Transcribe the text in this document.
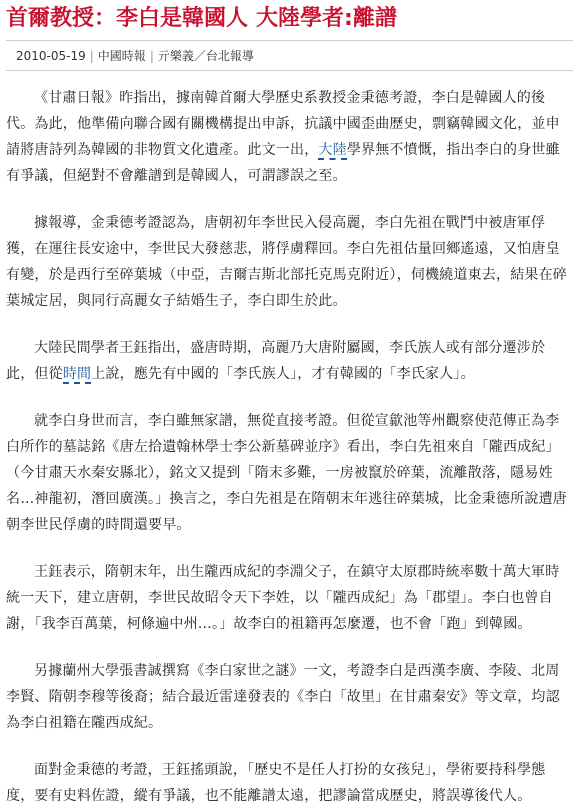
首爾教授：李白是韓國人 大陸學者:離譜
2010-05-19 | 中國時報 | 亓樂義／台北報導

《甘肅日報》昨指出，據南韓首爾大學歷史系教授金秉德考證，李白是韓國人的後代。為此，他準備向聯合國有關機構提出申訴，抗議中國歪曲歷史，剽竊韓國文化，並申請將唐詩列為韓國的非物質文化遺產。此文一出，大陸學界無不憤慨，指出李白的身世雖有爭議，但絕對不會離譜到是韓國人，可謂謬誤之至。

據報導，金秉德考證認為，唐朝初年李世民入侵高麗，李白先祖在戰鬥中被唐軍俘獲，在運往長安途中，李世民大發慈悲，將俘虜釋回。李白先祖估量回鄉遙遠，又怕唐皇有變，於是西行至碎葉城（中亞，吉爾吉斯北部托克馬克附近），伺機繞道東去，結果在碎葉城定居，與同行高麗女子結婚生子，李白即生於此。

大陸民間學者王鈺指出，盛唐時期，高麗乃大唐附屬國，李氏族人或有部分遷涉於此，但從時間上說，應先有中國的「李氏族人」，才有韓國的「李氏家人」。

就李白身世而言，李白雖無家譜，無從直接考證。但從宣歙池等州觀察使范傳正為李白所作的墓誌銘《唐左拾遺翰林學士李公新墓碑並序》看出，李白先祖來自「隴西成紀」（今甘肅天水秦安縣北），銘文又提到「隋末多難，一房被竄於碎葉，流離散落，隱易姓名…神龍初，潛回廣漢。」換言之，李白先祖是在隋朝末年逃往碎葉城，比金秉德所說遭唐朝李世民俘虜的時間還要早。

王鈺表示，隋朝末年，出生隴西成紀的李淵父子，在鎮守太原郡時統率數十萬大軍時統一天下，建立唐朝，李世民故昭令天下李姓，以「隴西成紀」為「郡望」。李白也曾自謝，「我李百萬葉，柯條遍中州…。」故李白的祖籍再怎麼遷，也不會「跑」到韓國。

另據蘭州大學張書誠撰寫《李白家世之謎》一文，考證李白是西漢李廣、李陵、北周李賢、隋朝李穆等後裔；結合最近雷達發表的《李白「故里」在甘肅秦安》等文章，均認為李白祖籍在隴西成紀。

面對金秉德的考證，王鈺搖頭說，「歷史不是任人打扮的女孩兒」，學術要持科學態度，要有史料佐證，縱有爭議，也不能離譜太遠，把謬論當成歷史，將誤導後代人。
